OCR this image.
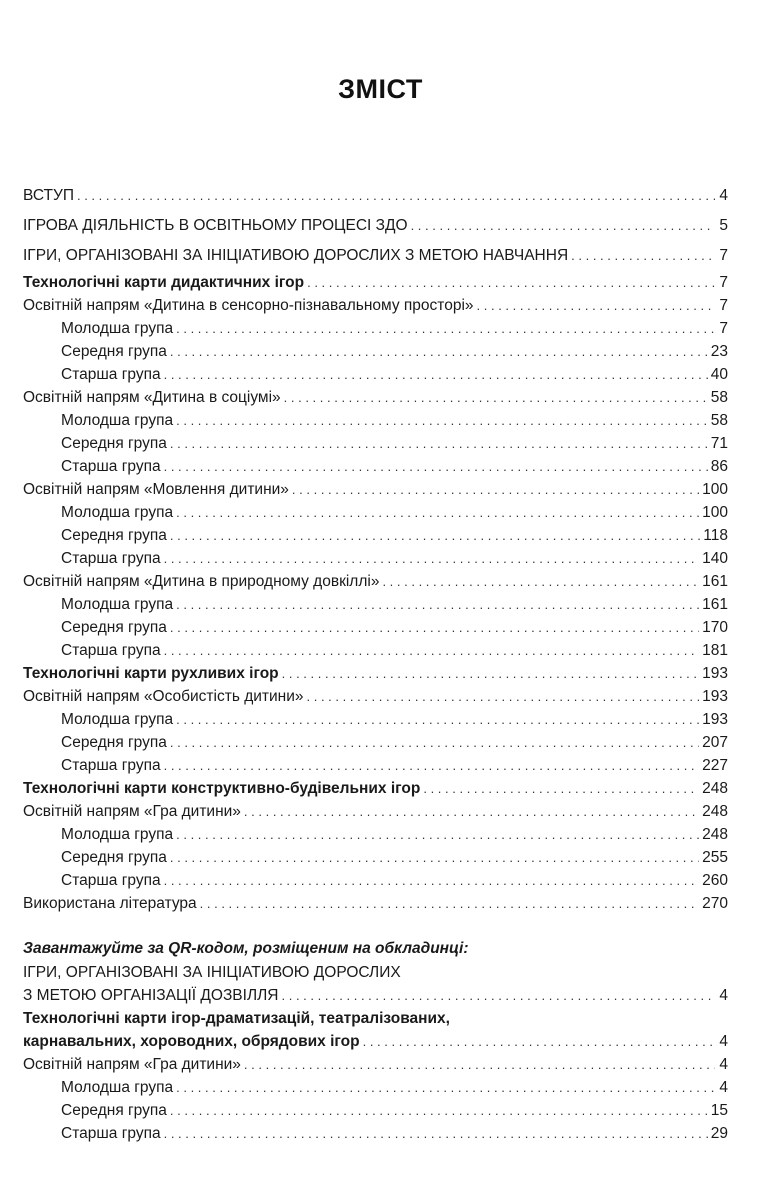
ЗМІСТ
ВСТУП . . .	4
ІГРОВА ДІЯЛЬНІСТЬ В ОСВІТНЬОМУ ПРОЦЕСІ ЗДО . . .	5
ІГРИ, ОРГАНІЗОВАНІ ЗА ІНІЦІАТИВОЮ ДОРОСЛИХ З МЕТОЮ НАВЧАННЯ . . .	7
Технологічні карти дидактичних ігор . . .	7
Освітній напрям «Дитина в сенсорно-пізнавальному просторі» . . .	7
Молодша група . . .	7
Середня група . . .	23
Старша група . . .	40
Освітній напрям «Дитина в соціумі» . . .	58
Молодша група . . .	58
Середня група . . .	71
Старша група . . .	86
Освітній напрям «Мовлення дитини» . . .	100
Молодша група . . .	100
Середня група . . .	118
Старша група . . .	140
Освітній напрям «Дитина в природному довкіллі» . . .	161
Молодша група . . .	161
Середня група . . .	170
Старша група . . .	181
Технологічні карти рухливих ігор . . .	193
Освітній напрям «Особистість дитини» . . .	193
Молодша група . . .	193
Середня група . . .	207
Старша група . . .	227
Технологічні карти конструктивно-будівельних ігор . . .	248
Освітній напрям «Гра дитини» . . .	248
Молодша група . . .	248
Середня група . . .	255
Старша група . . .	260
Використана література . . .	270
Завантажуйте за QR-кодом, розміщеним на обкладинці:
ІГРИ, ОРГАНІЗОВАНІ ЗА ІНІЦІАТИВОЮ ДОРОСЛИХ
З МЕТОЮ ОРГАНІЗАЦІЇ ДОЗВІЛЛЯ . . .	4
Технологічні карти ігор-драматизацій, театралізованих,
карнавальних, хороводних, обрядових ігор . . .	4
Освітній напрям «Гра дитини» . . .	4
Молодша група . . .	4
Середня група . . .	15
Старша група . . .	29
